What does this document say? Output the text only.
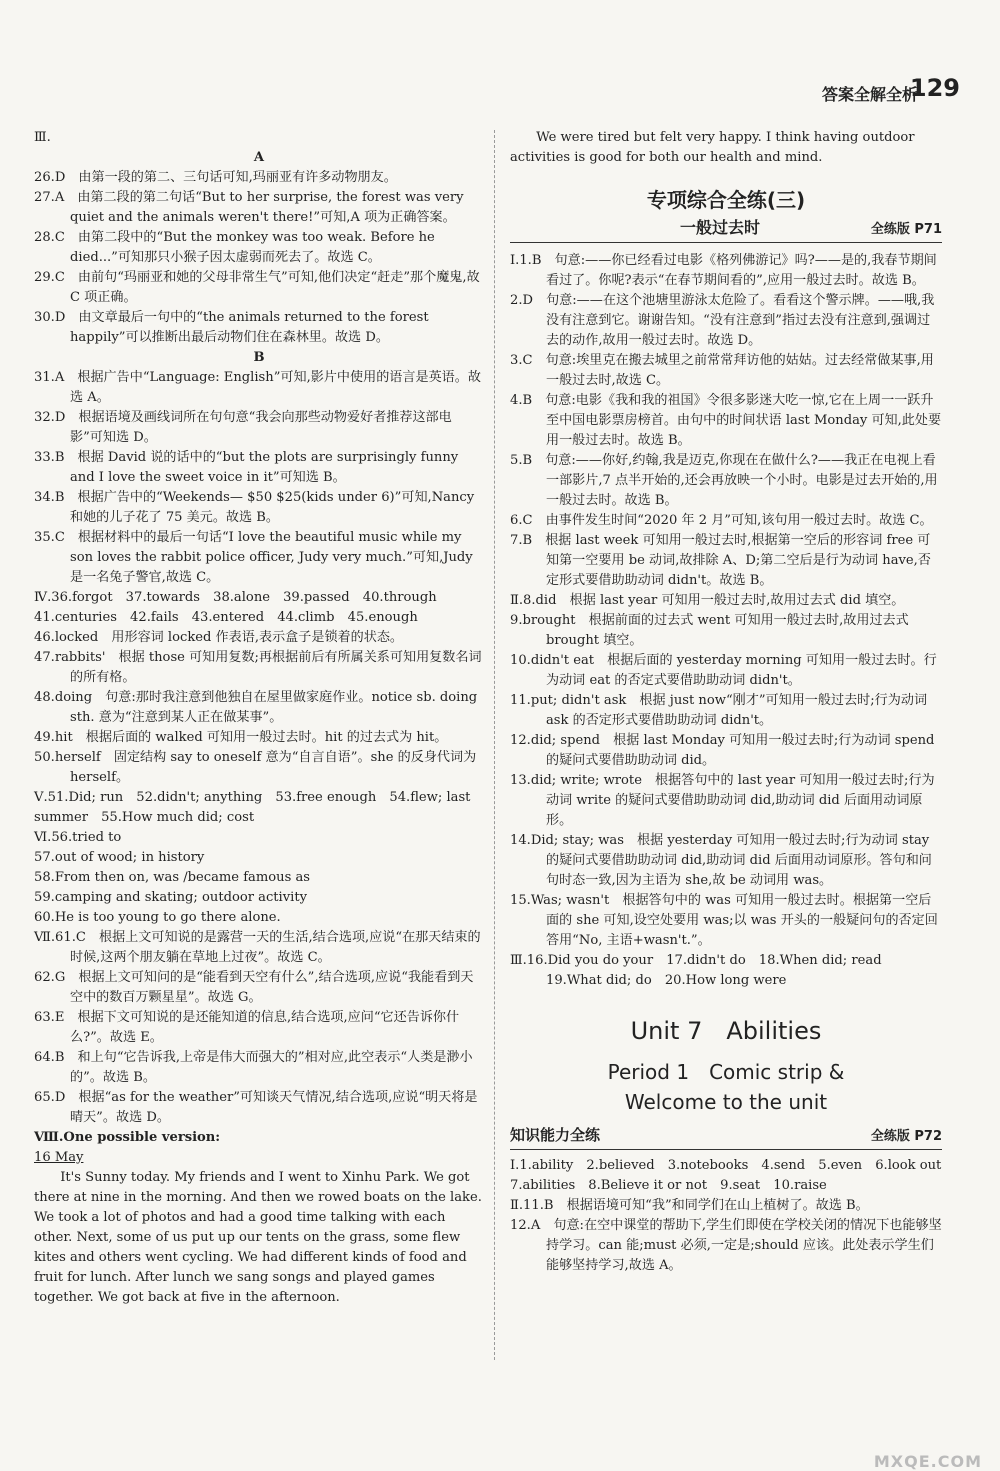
答案全解全析
129

Ⅲ.

A

26.D　由第一段的第二、三句话可知,玛丽亚有许多动物朋友。

27.A　由第二段的第二句话“But to her surprise, the forest was very quiet and the animals weren't there!”可知,A 项为正确答案。

28.C　由第二段中的“But the monkey was too weak. Before he died...”可知那只小猴子因太虚弱而死去了。故选 C。

29.C　由前句“玛丽亚和她的父母非常生气”可知,他们决定“赶走”那个魔鬼,故 C 项正确。

30.D　由文章最后一句中的“the animals returned to the forest happily”可以推断出最后动物们住在森林里。故选 D。

B

31.A　根据广告中“Language: English”可知,影片中使用的语言是英语。故选 A。

32.D　根据语境及画线词所在句句意“我会向那些动物爱好者推荐这部电影”可知选 D。

33.B　根据 David 说的话中的“but the plots are surprisingly funny and I love the sweet voice in it”可知选 B。

34.B　根据广告中的“Weekends— $50 $25(kids under 6)”可知,Nancy 和她的儿子花了 75 美元。故选 B。

35.C　根据材料中的最后一句话“I love the beautiful music while my son loves the rabbit police officer, Judy very much.”可知,Judy 是一名兔子警官,故选 C。

Ⅳ.36.forgot　37.towards　38.alone　39.passed　40.through

41.centuries　42.fails　43.entered　44.climb　45.enough

46.locked　用形容词 locked 作表语,表示盒子是锁着的状态。

47.rabbits'　根据 those 可知用复数;再根据前后有所属关系可知用复数名词的所有格。

48.doing　句意:那时我注意到他独自在屋里做家庭作业。notice sb. doing sth. 意为“注意到某人正在做某事”。

49.hit　根据后面的 walked 可知用一般过去时。hit 的过去式为 hit。

50.herself　固定结构 say to oneself 意为“自言自语”。she 的反身代词为 herself。

Ⅴ.51.Did; run　52.didn't; anything　53.free enough　54.flew; last summer　55.How much did; cost

Ⅵ.56.tried to

57.out of wood; in history

58.From then on, was /became famous as

59.camping and skating; outdoor activity

60.He is too young to go there alone.

Ⅶ.61.C　根据上文可知说的是露营一天的生活,结合选项,应说“在那天结束的时候,这两个朋友躺在草地上过夜”。故选 C。

62.G　根据上文可知问的是“能看到天空有什么”,结合选项,应说“我能看到天空中的数百万颗星星”。故选 G。

63.E　根据下文可知说的是还能知道的信息,结合选项,应问“它还告诉你什么?”。故选 E。

64.B　和上句“它告诉我,上帝是伟大而强大的”相对应,此空表示“人类是渺小的”。故选 B。

65.D　根据“as for the weather”可知谈天气情况,结合选项,应说“明天将是晴天”。故选 D。

Ⅷ.One possible version:

16 May

It's Sunny today. My friends and I went to Xinhu Park. We got there at nine in the morning. And then we rowed boats on the lake. We took a lot of photos and had a good time talking with each other. Next, some of us put up our tents on the grass, some flew kites and others went cycling. We had different kinds of food and fruit for lunch. After lunch we sang songs and played games together. We got back at five in the afternoon.

We were tired but felt very happy. I think having outdoor activities is good for both our health and mind.

专项综合全练(三)
一般过去时	全练版 P71

Ⅰ.1.B　句意:——你已经看过电影《格列佛游记》吗?——是的,我春节期间看过了。你呢?表示“在春节期间看的”,应用一般过去时。故选 B。

2.D　句意:——在这个池塘里游泳太危险了。看看这个警示牌。——哦,我没有注意到它。谢谢告知。“没有注意到”指过去没有注意到,强调过去的动作,故用一般过去时。故选 D。

3.C　句意:埃里克在搬去城里之前常常拜访他的姑姑。过去经常做某事,用一般过去时,故选 C。

4.B　句意:电影《我和我的祖国》令很多影迷大吃一惊,它在上周一一跃升至中国电影票房榜首。由句中的时间状语 last Monday 可知,此处要用一般过去时。故选 B。

5.B　句意:——你好,约翰,我是迈克,你现在在做什么?——我正在电视上看一部影片,7 点半开始的,还会再放映一个小时。电影是过去开始的,用一般过去时。故选 B。

6.C　由事件发生时间“2020 年 2 月”可知,该句用一般过去时。故选 C。

7.B　根据 last week 可知用一般过去时,根据第一空后的形容词 free 可知第一空要用 be 动词,故排除 A、D;第二空后是行为动词 have,否定形式要借助助动词 didn't。故选 B。

Ⅱ.8.did　根据 last year 可知用一般过去时,故用过去式 did 填空。

9.brought　根据前面的过去式 went 可知用一般过去时,故用过去式 brought 填空。

10.didn't eat　根据后面的 yesterday morning 可知用一般过去时。行为动词 eat 的否定式要借助助动词 didn't。

11.put; didn't ask　根据 just now“刚才”可知用一般过去时;行为动词 ask 的否定形式要借助助动词 didn't。

12.did; spend　根据 last Monday 可知用一般过去时;行为动词 spend 的疑问式要借助助动词 did。

13.did; write; wrote　根据答句中的 last year 可知用一般过去时;行为动词 write 的疑问式要借助助动词 did,助动词 did 后面用动词原形。

14.Did; stay; was　根据 yesterday 可知用一般过去时;行为动词 stay 的疑问式要借助助动词 did,助动词 did 后面用动词原形。答句和问句时态一致,因为主语为 she,故 be 动词用 was。

15.Was; wasn't　根据答句中的 was 可知用一般过去时。根据第一空后面的 she 可知,设空处要用 was;以 was 开头的一般疑问句的否定回答用“No, 主语+wasn't.”。

Ⅲ.16.Did you do your　17.didn't do　18.When did; read　19.What did; do　20.How long were

Unit 7　Abilities
Period 1　Comic strip &
Welcome to the unit
知识能力全练	全练版 P72

Ⅰ.1.ability　2.believed　3.notebooks　4.send　5.even　6.look out

7.abilities　8.Believe it or not　9.seat　10.raise

Ⅱ.11.B　根据语境可知“我”和同学们在山上植树了。故选 B。

12.A　句意:在空中课堂的帮助下,学生们即使在学校关闭的情况下也能够坚持学习。can 能;must 必须,一定是;should 应该。此处表示学生们能够坚持学习,故选 A。

MXQE.COM
